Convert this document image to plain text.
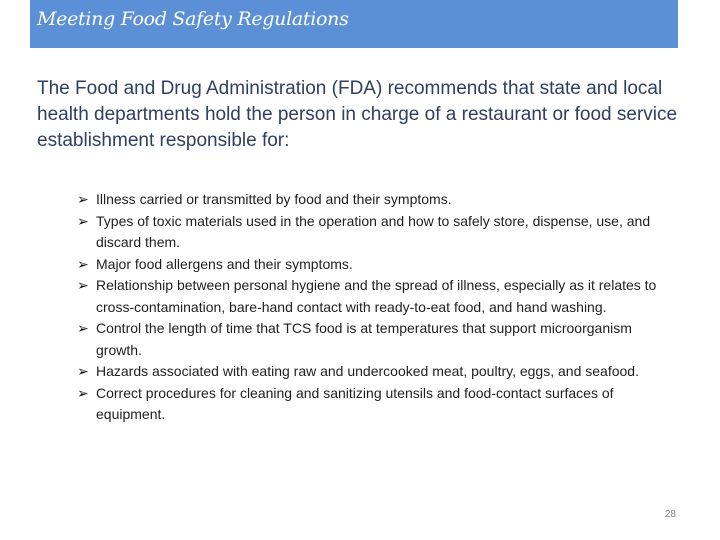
Meeting Food Safety Regulations

The Food and Drug Administration (FDA) recommends that state and local health departments hold the person in charge of a restaurant or food service establishment responsible for:

➢ Illness carried or transmitted by food and their symptoms.
➢ Types of toxic materials used in the operation and how to safely store, dispense, use, and discard them.
➢ Major food allergens and their symptoms.
➢ Relationship between personal hygiene and the spread of illness, especially as it relates to cross-contamination, bare-hand contact with ready-to-eat food, and hand washing.
➢ Control the length of time that TCS food is at temperatures that support microorganism growth.
➢ Hazards associated with eating raw and undercooked meat, poultry, eggs, and seafood.
➢ Correct procedures for cleaning and sanitizing utensils and food-contact surfaces of equipment.
28
